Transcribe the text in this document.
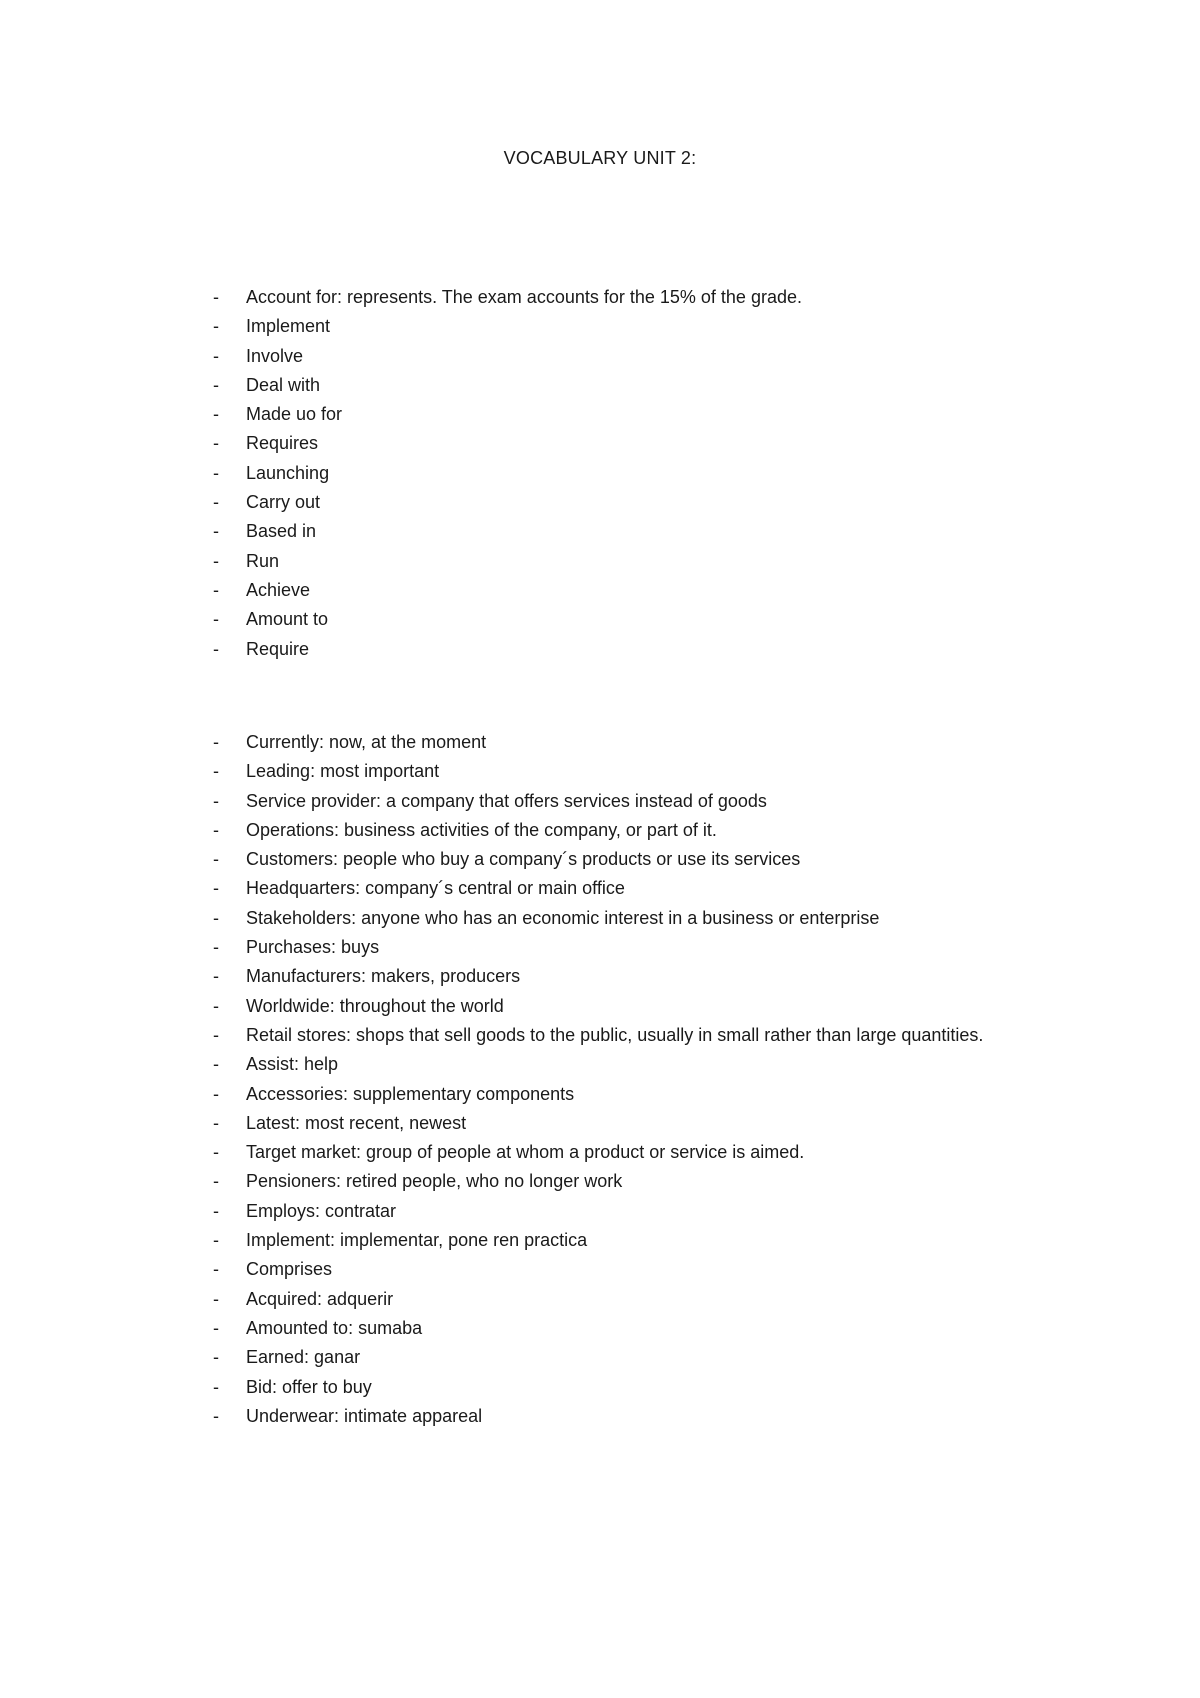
VOCABULARY UNIT 2:
- Account for: represents. The exam accounts for the 15% of the grade.
- Implement
- Involve
- Deal with
- Made uo for
- Requires
- Launching
- Carry out
- Based in
- Run
- Achieve
- Amount to
- Require
- Currently: now, at the moment
- Leading: most important
- Service provider: a company that offers services instead of goods
- Operations: business activities of the company, or part of it.
- Customers: people who buy a company´s products or use its services
- Headquarters: company´s central or main office
- Stakeholders: anyone who has an economic interest in a business or enterprise
- Purchases: buys
- Manufacturers: makers, producers
- Worldwide: throughout the world
- Retail stores: shops that sell goods to the public, usually in small rather than large quantities.
- Assist: help
- Accessories: supplementary components
- Latest: most recent, newest
- Target market: group of people at whom a product or service is aimed.
- Pensioners: retired people, who no longer work
- Employs: contratar
- Implement: implementar, pone ren practica
- Comprises
- Acquired: adquerir
- Amounted to: sumaba
- Earned: ganar
- Bid: offer to buy
- Underwear: intimate appareal
